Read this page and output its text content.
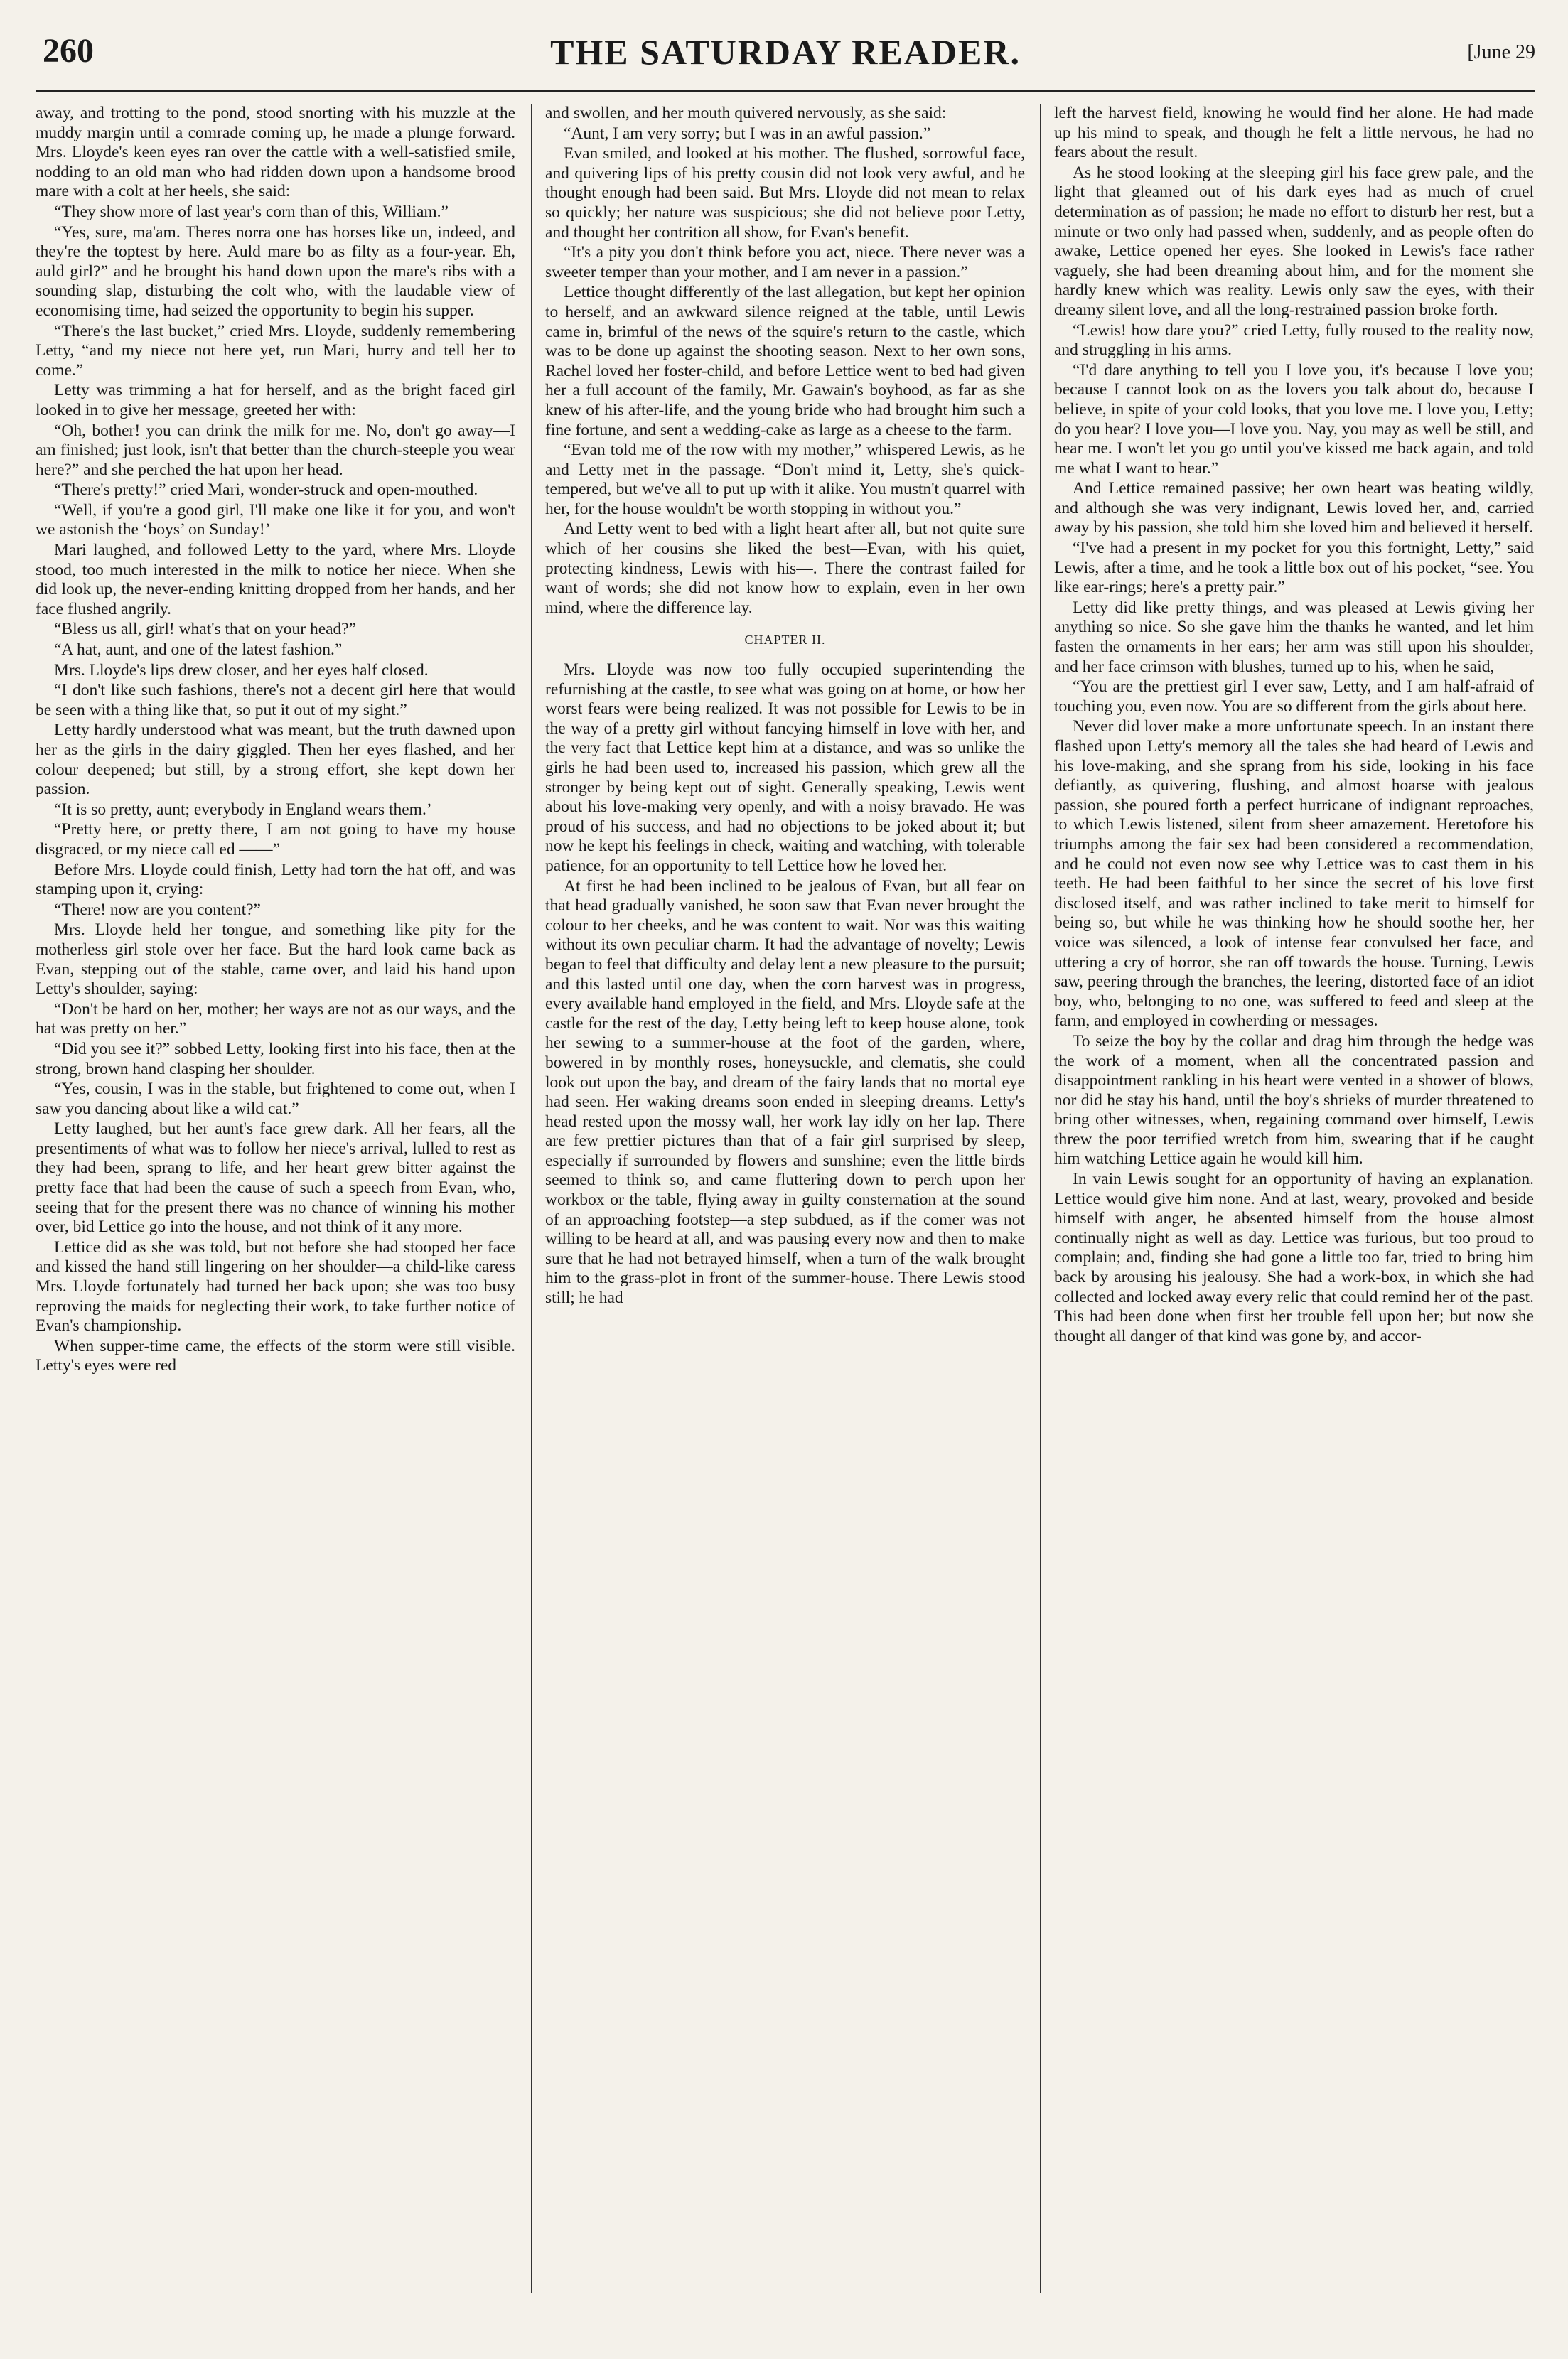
260	THE SATURDAY READER.	[June 29

away, and trotting to the pond, stood snorting with his muzzle at the muddy margin until a comrade coming up, he made a plunge forward. Mrs. Lloyde's keen eyes ran over the cattle with a well-satisfied smile, nodding to an old man who had ridden down upon a handsome brood mare with a colt at her heels, she said:

“They show more of last year's corn than of this, William.”

“Yes, sure, ma'am. Theres norra one has horses like un, indeed, and they're the toptest by here. Auld mare bo as filty as a four-year. Eh, auld girl?” and he brought his hand down upon the mare's ribs with a sounding slap, disturbing the colt who, with the laudable view of economising time, had seized the opportunity to begin his supper.

“There's the last bucket,” cried Mrs. Lloyde, suddenly remembering Letty, “and my niece not here yet, run Mari, hurry and tell her to come.”

Letty was trimming a hat for herself, and as the bright faced girl looked in to give her message, greeted her with:

“Oh, bother! you can drink the milk for me. No, don't go away—I am finished; just look, isn't that better than the church-steeple you wear here?” and she perched the hat upon her head.

“There's pretty!” cried Mari, wonder-struck and open-mouthed.

“Well, if you're a good girl, I'll make one like it for you, and won't we astonish the ‘boys’ on Sunday!’

Mari laughed, and followed Letty to the yard, where Mrs. Lloyde stood, too much interested in the milk to notice her niece. When she did look up, the never-ending knitting dropped from her hands, and her face flushed angrily.

“Bless us all, girl! what's that on your head?”

“A hat, aunt, and one of the latest fashion.”

Mrs. Lloyde's lips drew closer, and her eyes half closed.

“I don't like such fashions, there's not a decent girl here that would be seen with a thing like that, so put it out of my sight.”

Letty hardly understood what was meant, but the truth dawned upon her as the girls in the dairy giggled. Then her eyes flashed, and her colour deepened; but still, by a strong effort, she kept down her passion.

“It is so pretty, aunt; everybody in England wears them.’

“Pretty here, or pretty there, I am not going to have my house disgraced, or my niece call ed ——”

Before Mrs. Lloyde could finish, Letty had torn the hat off, and was stamping upon it, crying:

“There! now are you content?”

Mrs. Lloyde held her tongue, and something like pity for the motherless girl stole over her face. But the hard look came back as Evan, stepping out of the stable, came over, and laid his hand upon Letty's shoulder, saying:

“Don't be hard on her, mother; her ways are not as our ways, and the hat was pretty on her.”

“Did you see it?” sobbed Letty, looking first into his face, then at the strong, brown hand clasping her shoulder.

“Yes, cousin, I was in the stable, but frightened to come out, when I saw you dancing about like a wild cat.”

Letty laughed, but her aunt's face grew dark. All her fears, all the presentiments of what was to follow her niece's arrival, lulled to rest as they had been, sprang to life, and her heart grew bitter against the pretty face that had been the cause of such a speech from Evan, who, seeing that for the present there was no chance of winning his mother over, bid Lettice go into the house, and not think of it any more.

Lettice did as she was told, but not before she had stooped her face and kissed the hand still lingering on her shoulder—a child-like caress Mrs. Lloyde fortunately had turned her back upon; she was too busy reproving the maids for neglecting their work, to take further notice of Evan's championship.

When supper-time came, the effects of the storm were still visible. Letty's eyes were red

and swollen, and her mouth quivered nervously, as she said:

“Aunt, I am very sorry; but I was in an awful passion.”

Evan smiled, and looked at his mother. The flushed, sorrowful face, and quivering lips of his pretty cousin did not look very awful, and he thought enough had been said. But Mrs. Lloyde did not mean to relax so quickly; her nature was suspicious; she did not believe poor Letty, and thought her contrition all show, for Evan's benefit.

“It's a pity you don't think before you act, niece. There never was a sweeter temper than your mother, and I am never in a passion.”

Lettice thought differently of the last allegation, but kept her opinion to herself, and an awkward silence reigned at the table, until Lewis came in, brimful of the news of the squire's return to the castle, which was to be done up against the shooting season. Next to her own sons, Rachel loved her foster-child, and before Lettice went to bed had given her a full account of the family, Mr. Gawain's boyhood, as far as she knew of his after-life, and the young bride who had brought him such a fine fortune, and sent a wedding-cake as large as a cheese to the farm.

“Evan told me of the row with my mother,” whispered Lewis, as he and Letty met in the passage. “Don't mind it, Letty, she's quick-tempered, but we've all to put up with it alike. You mustn't quarrel with her, for the house wouldn't be worth stopping in without you.”

And Letty went to bed with a light heart after all, but not quite sure which of her cousins she liked the best—Evan, with his quiet, protecting kindness, Lewis with his—. There the contrast failed for want of words; she did not know how to explain, even in her own mind, where the difference lay.

CHAPTER II.

Mrs. Lloyde was now too fully occupied superintending the refurnishing at the castle, to see what was going on at home, or how her worst fears were being realized. It was not possible for Lewis to be in the way of a pretty girl without fancying himself in love with her, and the very fact that Lettice kept him at a distance, and was so unlike the girls he had been used to, increased his passion, which grew all the stronger by being kept out of sight. Generally speaking, Lewis went about his love-making very openly, and with a noisy bravado. He was proud of his success, and had no objections to be joked about it; but now he kept his feelings in check, waiting and watching, with tolerable patience, for an opportunity to tell Lettice how he loved her.

At first he had been inclined to be jealous of Evan, but all fear on that head gradually vanished, he soon saw that Evan never brought the colour to her cheeks, and he was content to wait. Nor was this waiting without its own peculiar charm. It had the advantage of novelty; Lewis began to feel that difficulty and delay lent a new pleasure to the pursuit; and this lasted until one day, when the corn harvest was in progress, every available hand employed in the field, and Mrs. Lloyde safe at the castle for the rest of the day, Letty being left to keep house alone, took her sewing to a summer-house at the foot of the garden, where, bowered in by monthly roses, honeysuckle, and clematis, she could look out upon the bay, and dream of the fairy lands that no mortal eye had seen. Her waking dreams soon ended in sleeping dreams. Letty's head rested upon the mossy wall, her work lay idly on her lap. There are few prettier pictures than that of a fair girl surprised by sleep, especially if surrounded by flowers and sunshine; even the little birds seemed to think so, and came fluttering down to perch upon her workbox or the table, flying away in guilty consternation at the sound of an approaching footstep—a step subdued, as if the comer was not willing to be heard at all, and was pausing every now and then to make sure that he had not betrayed himself, when a turn of the walk brought him to the grass-plot in front of the summer-house. There Lewis stood still; he had

left the harvest field, knowing he would find her alone. He had made up his mind to speak, and though he felt a little nervous, he had no fears about the result.

As he stood looking at the sleeping girl his face grew pale, and the light that gleamed out of his dark eyes had as much of cruel determination as of passion; he made no effort to disturb her rest, but a minute or two only had passed when, suddenly, and as people often do awake, Lettice opened her eyes. She looked in Lewis's face rather vaguely, she had been dreaming about him, and for the moment she hardly knew which was reality. Lewis only saw the eyes, with their dreamy silent love, and all the long-restrained passion broke forth.

“Lewis! how dare you?” cried Letty, fully roused to the reality now, and struggling in his arms.

“I'd dare anything to tell you I love you, it's because I love you; because I cannot look on as the lovers you talk about do, because I believe, in spite of your cold looks, that you love me. I love you, Letty; do you hear? I love you—I love you. Nay, you may as well be still, and hear me. I won't let you go until you've kissed me back again, and told me what I want to hear.”

And Lettice remained passive; her own heart was beating wildly, and although she was very indignant, Lewis loved her, and, carried away by his passion, she told him she loved him and believed it herself.

“I've had a present in my pocket for you this fortnight, Letty,” said Lewis, after a time, and he took a little box out of his pocket, “see. You like ear-rings; here's a pretty pair.”

Letty did like pretty things, and was pleased at Lewis giving her anything so nice. So she gave him the thanks he wanted, and let him fasten the ornaments in her ears; her arm was still upon his shoulder, and her face crimson with blushes, turned up to his, when he said,

“You are the prettiest girl I ever saw, Letty, and I am half-afraid of touching you, even now. You are so different from the girls about here.

Never did lover make a more unfortunate speech. In an instant there flashed upon Letty's memory all the tales she had heard of Lewis and his love-making, and she sprang from his side, looking in his face defiantly, as quivering, flushing, and almost hoarse with jealous passion, she poured forth a perfect hurricane of indignant reproaches, to which Lewis listened, silent from sheer amazement. Heretofore his triumphs among the fair sex had been considered a recommendation, and he could not even now see why Lettice was to cast them in his teeth. He had been faithful to her since the secret of his love first disclosed itself, and was rather inclined to take merit to himself for being so, but while he was thinking how he should soothe her, her voice was silenced, a look of intense fear convulsed her face, and uttering a cry of horror, she ran off towards the house. Turning, Lewis saw, peering through the branches, the leering, distorted face of an idiot boy, who, belonging to no one, was suffered to feed and sleep at the farm, and employed in cowherding or messages.

To seize the boy by the collar and drag him through the hedge was the work of a moment, when all the concentrated passion and disappointment rankling in his heart were vented in a shower of blows, nor did he stay his hand, until the boy's shrieks of murder threatened to bring other witnesses, when, regaining command over himself, Lewis threw the poor terrified wretch from him, swearing that if he caught him watching Lettice again he would kill him.

In vain Lewis sought for an opportunity of having an explanation. Lettice would give him none. And at last, weary, provoked and beside himself with anger, he absented himself from the house almost continually night as well as day. Lettice was furious, but too proud to complain; and, finding she had gone a little too far, tried to bring him back by arousing his jealousy. She had a work-box, in which she had collected and locked away every relic that could remind her of the past. This had been done when first her trouble fell upon her; but now she thought all danger of that kind was gone by, and accor-
